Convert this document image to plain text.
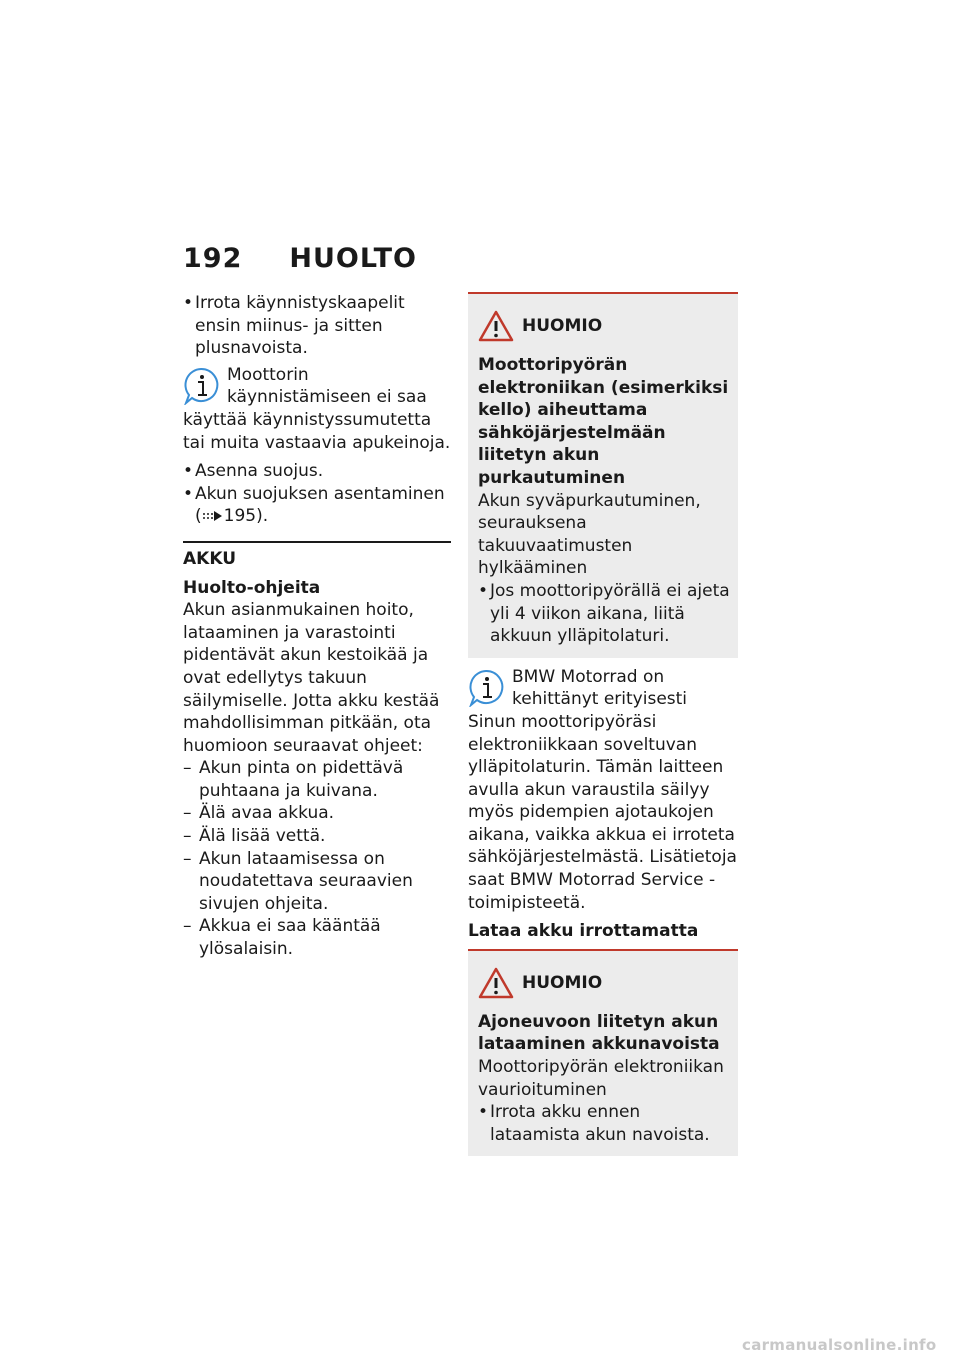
192 HUOLTO
• Irrota käynnistyskaapelit ensin miinus- ja sitten plusnavoista.
Moottorin käynnistämiseen ei saa käyttää käynnistyssumutetta tai muita vastaavia apukeinoja.
• Asenna suojus.
• Akun suojuksen asentaminen
( 195).
AKKU
Huolto-ohjeita
Akun asianmukainen hoito, lataaminen ja varastointi pidentävät akun kestoikää ja ovat edellytys takuun säilymiselle. Jotta akku kestää mahdollisimman pitkään, ota huomioon seuraavat ohjeet:
– Akun pinta on pidettävä puhtaana ja kuivana.
– Älä avaa akkua.
– Älä lisää vettä.
– Akun lataamisessa on noudatettava seuraavien sivujen ohjeita.
– Akkua ei saa kääntää ylösalaisin.
HUOMIO
Moottoripyörän elektroniikan (esimerkiksi kello) aiheuttama sähköjärjestelmään liitetyn akun purkautuminen
Akun syväpurkautuminen, seurauksena takuuvaatimusten hylkääminen
• Jos moottoripyörällä ei ajeta yli 4 viikon aikana, liitä akkuun ylläpitolaturi.
BMW Motorrad on kehittänyt erityisesti Sinun moottoripyöräsi elektroniikkaan soveltuvan ylläpitolaturin. Tämän laitteen avulla akun varaustila säilyy myös pidempien ajotaukojen aikana, vaikka akkua ei irroteta sähköjärjestelmästä. Lisätietoja saat BMW Motorrad Service -toimipisteetä.
Lataa akku irrottamatta
HUOMIO
Ajoneuvoon liitetyn akun lataaminen akkunavoista
Moottoripyörän elektroniikan vaurioituminen
• Irrota akku ennen lataamista akun navoista.
carmanualsonline.info
